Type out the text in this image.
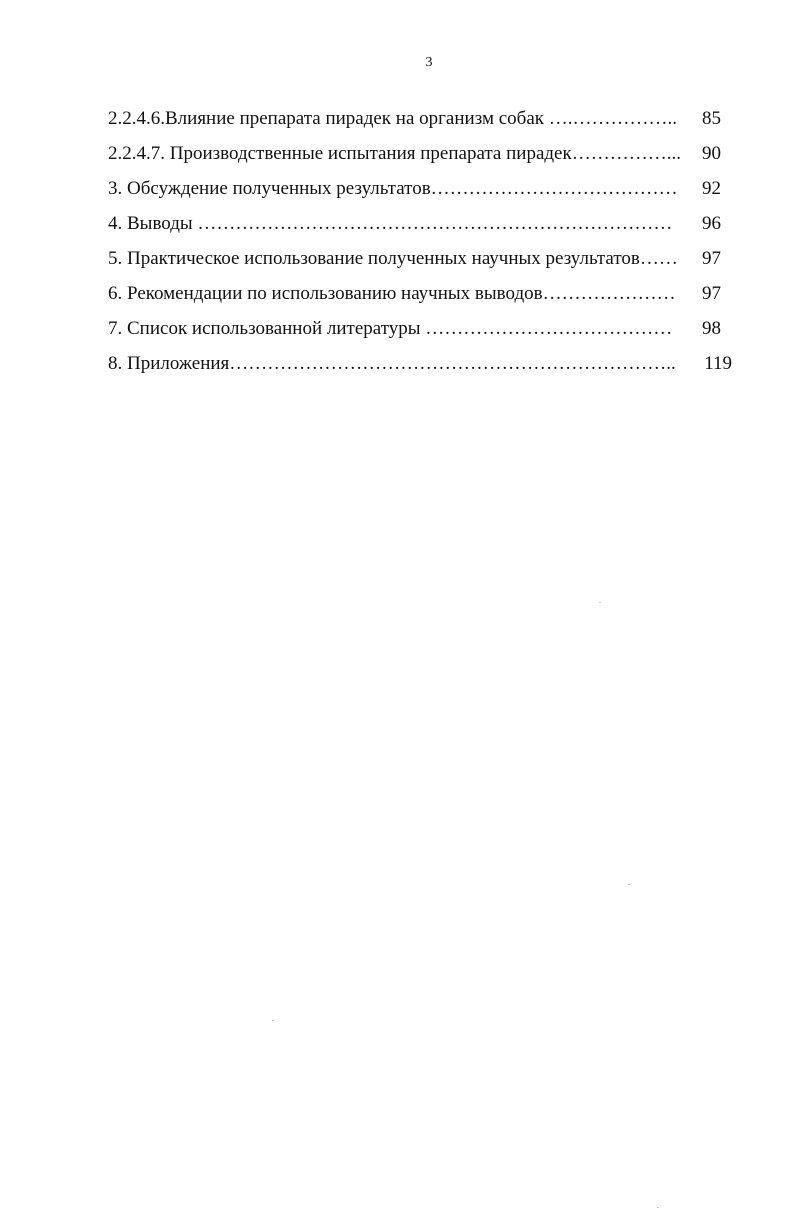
3
2.2.4.6.Влияние препарата пирадек на организм собак ….……………..	85
2.2.4.7. Производственные испытания препарата пирадек……………...	90
3. Обсуждение полученных результатов…………………………………	92
4. Выводы …………………………………………………………………	96
5. Практическое использование полученных научных результатов……	97
6. Рекомендации по использованию научных выводов…………………	97
7. Список использованной литературы …………………………………	98
8. Приложения……………………………………………………………..	119
